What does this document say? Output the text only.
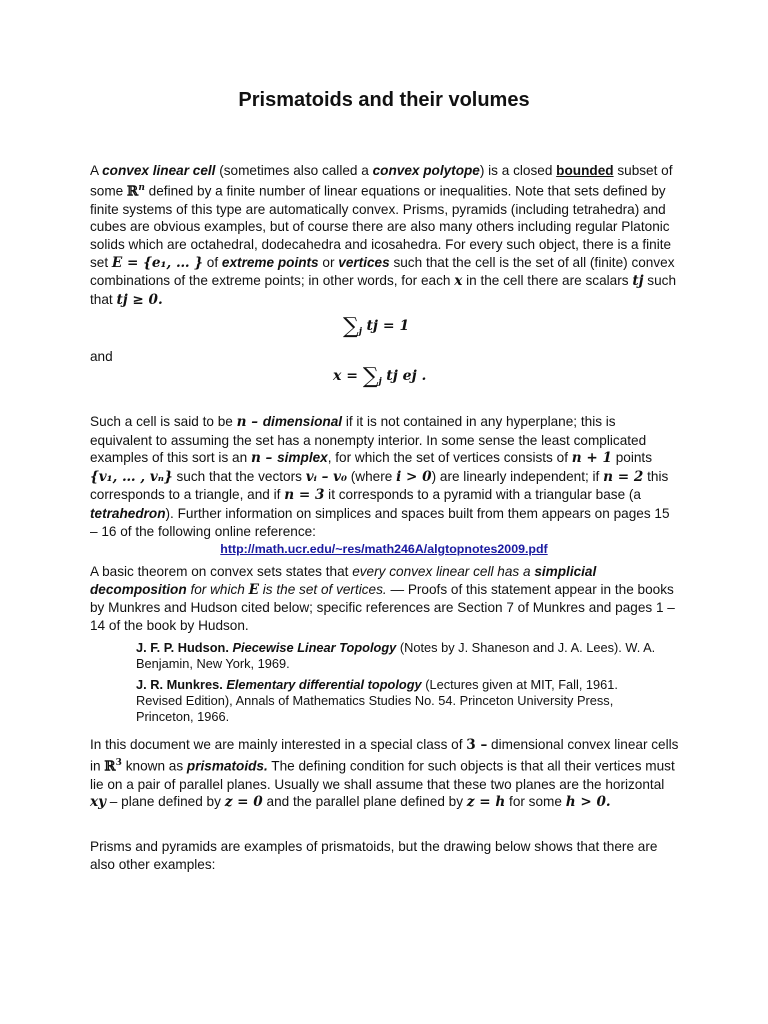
Prismatoids and their volumes

A convex linear cell (sometimes also called a convex polytope) is a closed bounded subset of some ℝ$^n$ defined by a finite number of linear equations or inequalities. Note that sets defined by finite systems of this type are automatically convex. Prisms, pyramids (including tetrahedra) and cubes are obvious examples, but of course there are also many others including regular Platonic solids which are octahedral, dodecahedra and icosahedra. For every such object, there is a finite set E = {e₁, … } of extreme points or vertices such that the cell is the set of all (finite) convex combinations of the extreme points; in other words, for each x in the cell there are scalars tj such that tj ≥ 0.

$\sum_j$ tj = 1

and

$x = \sum_j$ tj ej .

Such a cell is said to be n – dimensional if it is not contained in any hyperplane; this is equivalent to assuming the set has a nonempty interior. In some sense the least complicated examples of this sort is an n – simplex, for which the set of vertices consists of n + 1 points {v₁, … , vₙ} such that the vectors vᵢ – v₀ (where i > 0) are linearly independent; if n = 2 this corresponds to a triangle, and if n = 3 it corresponds to a pyramid with a triangular base (a tetrahedron). Further information on simplices and spaces built from them appears on pages 15 – 16 of the following online reference:

http://math.ucr.edu/~res/math246A/algtopnotes2009.pdf

A basic theorem on convex sets states that every convex linear cell has a simplicial decomposition for which E is the set of vertices. — Proofs of this statement appear in the books by Munkres and Hudson cited below; specific references are Section 7 of Munkres and pages 1 – 14 of the book by Hudson.

J. F. P. Hudson. Piecewise Linear Topology (Notes by J. Shaneson and J. A. Lees). W. A. Benjamin, New York, 1969.

J. R. Munkres. Elementary differential topology (Lectures given at MIT, Fall, 1961. Revised Edition), Annals of Mathematics Studies No. 54. Princeton University Press, Princeton, 1966.

In this document we are mainly interested in a special class of 3 – dimensional convex linear cells in ℝ$^3$ known as prismatoids. The defining condition for such objects is that all their vertices must lie on a pair of parallel planes. Usually we shall assume that these two planes are the horizontal xy – plane defined by z = 0 and the parallel plane defined by z = h for some h > 0.

Prisms and pyramids are examples of prismatoids, but the drawing below shows that there are also other examples:
